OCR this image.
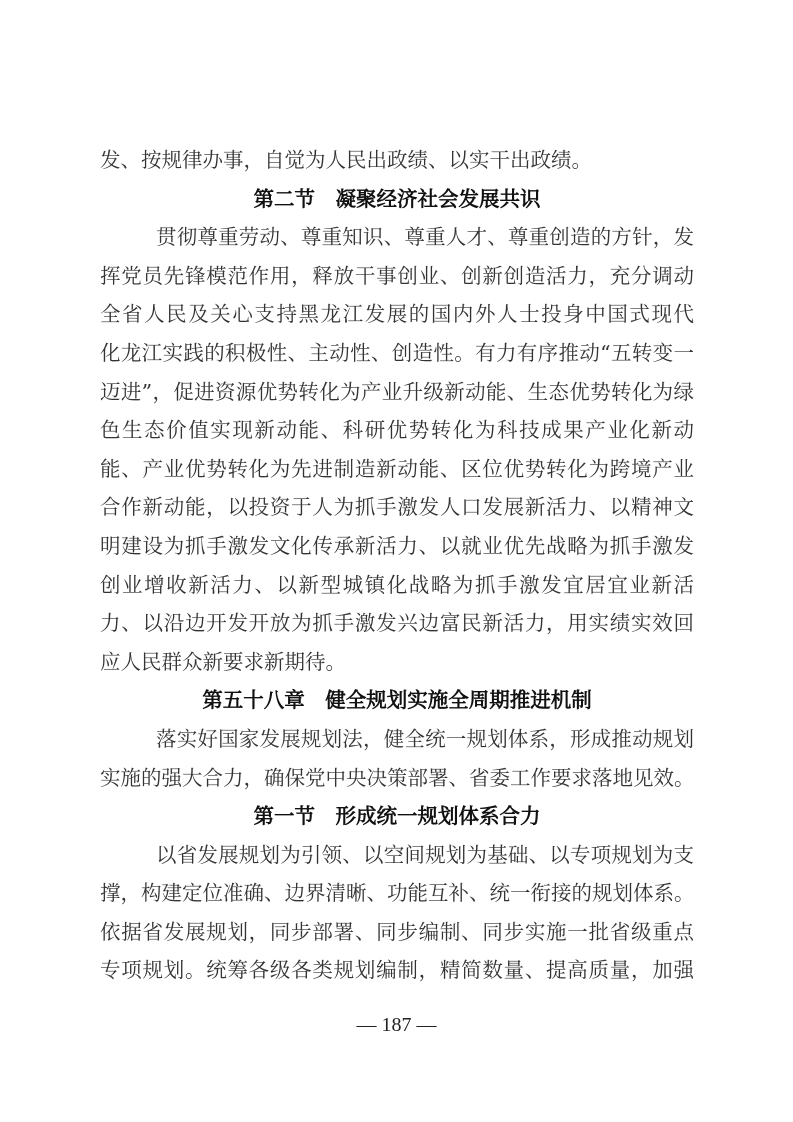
发、按规律办事，自觉为人民出政绩、以实干出政绩。
第二节　凝聚经济社会发展共识
贯彻尊重劳动、尊重知识、尊重人才、尊重创造的方针，发
挥党员先锋模范作用，释放干事创业、创新创造活力，充分调动
全省人民及关心支持黑龙江发展的国内外人士投身中国式现代
化龙江实践的积极性、主动性、创造性。有力有序推动“五转变一
迈进”，促进资源优势转化为产业升级新动能、生态优势转化为绿
色生态价值实现新动能、科研优势转化为科技成果产业化新动
能、产业优势转化为先进制造新动能、区位优势转化为跨境产业
合作新动能，以投资于人为抓手激发人口发展新活力、以精神文
明建设为抓手激发文化传承新活力、以就业优先战略为抓手激发
创业增收新活力、以新型城镇化战略为抓手激发宜居宜业新活
力、以沿边开发开放为抓手激发兴边富民新活力，用实绩实效回
应人民群众新要求新期待。
第五十八章　健全规划实施全周期推进机制
落实好国家发展规划法，健全统一规划体系，形成推动规划
实施的强大合力，确保党中央决策部署、省委工作要求落地见效。
第一节　形成统一规划体系合力
以省发展规划为引领、以空间规划为基础、以专项规划为支
撑，构建定位准确、边界清晰、功能互补、统一衔接的规划体系。
依据省发展规划，同步部署、同步编制、同步实施一批省级重点
专项规划。统筹各级各类规划编制，精简数量、提高质量，加强
— 187 —
